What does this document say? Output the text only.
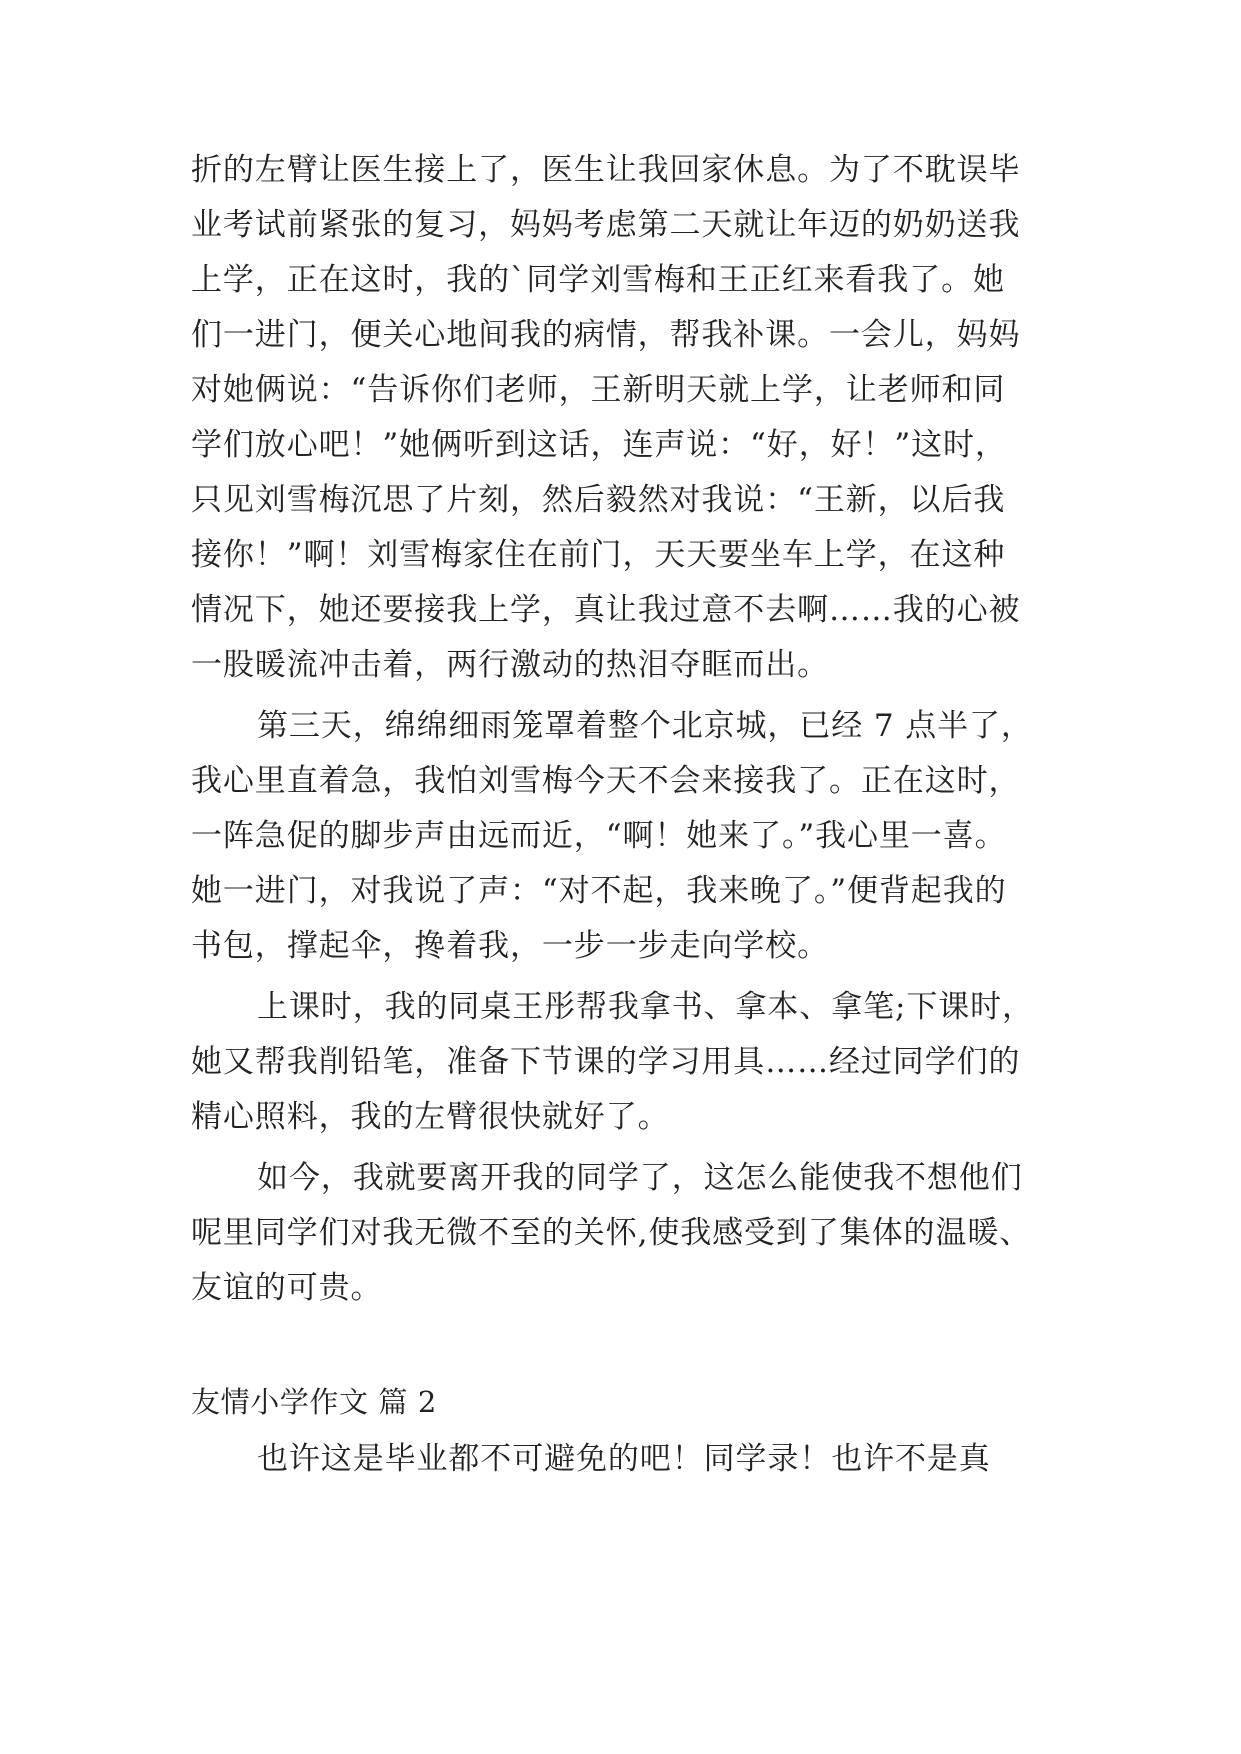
折的左臂让医生接上了，医生让我回家休息。为了不耽误毕
业考试前紧张的复习，妈妈考虑第二天就让年迈的奶奶送我
上学，正在这时，我的`同学刘雪梅和王正红来看我了。她
们一进门，便关心地间我的病情，帮我补课。一会儿，妈妈
对她俩说：“告诉你们老师，王新明天就上学，让老师和同
学们放心吧！”她俩听到这话，连声说：“好，好！”这时，
只见刘雪梅沉思了片刻，然后毅然对我说：“王新，以后我
接你！”啊！刘雪梅家住在前门，天天要坐车上学，在这种
情况下，她还要接我上学，真让我过意不去啊……我的心被
一股暖流冲击着，两行激动的热泪夺眶而出。
第三天，绵绵细雨笼罩着整个北京城，已经 7 点半了，
我心里直着急，我怕刘雪梅今天不会来接我了。正在这时，
一阵急促的脚步声由远而近，“啊！她来了。”我心里一喜。
她一进门，对我说了声：“对不起，我来晚了。”便背起我的
书包，撑起伞，搀着我，一步一步走向学校。
上课时，我的同桌王彤帮我拿书、拿本、拿笔;下课时，
她又帮我削铅笔，准备下节课的学习用具……经过同学们的
精心照料，我的左臂很快就好了。
如今，我就要离开我的同学了，这怎么能使我不想他们
呢里同学们对我无微不至的关怀,使我感受到了集体的温暖、
友谊的可贵。
友情小学作文 篇 2
也许这是毕业都不可避免的吧！同学录！也许不是真
